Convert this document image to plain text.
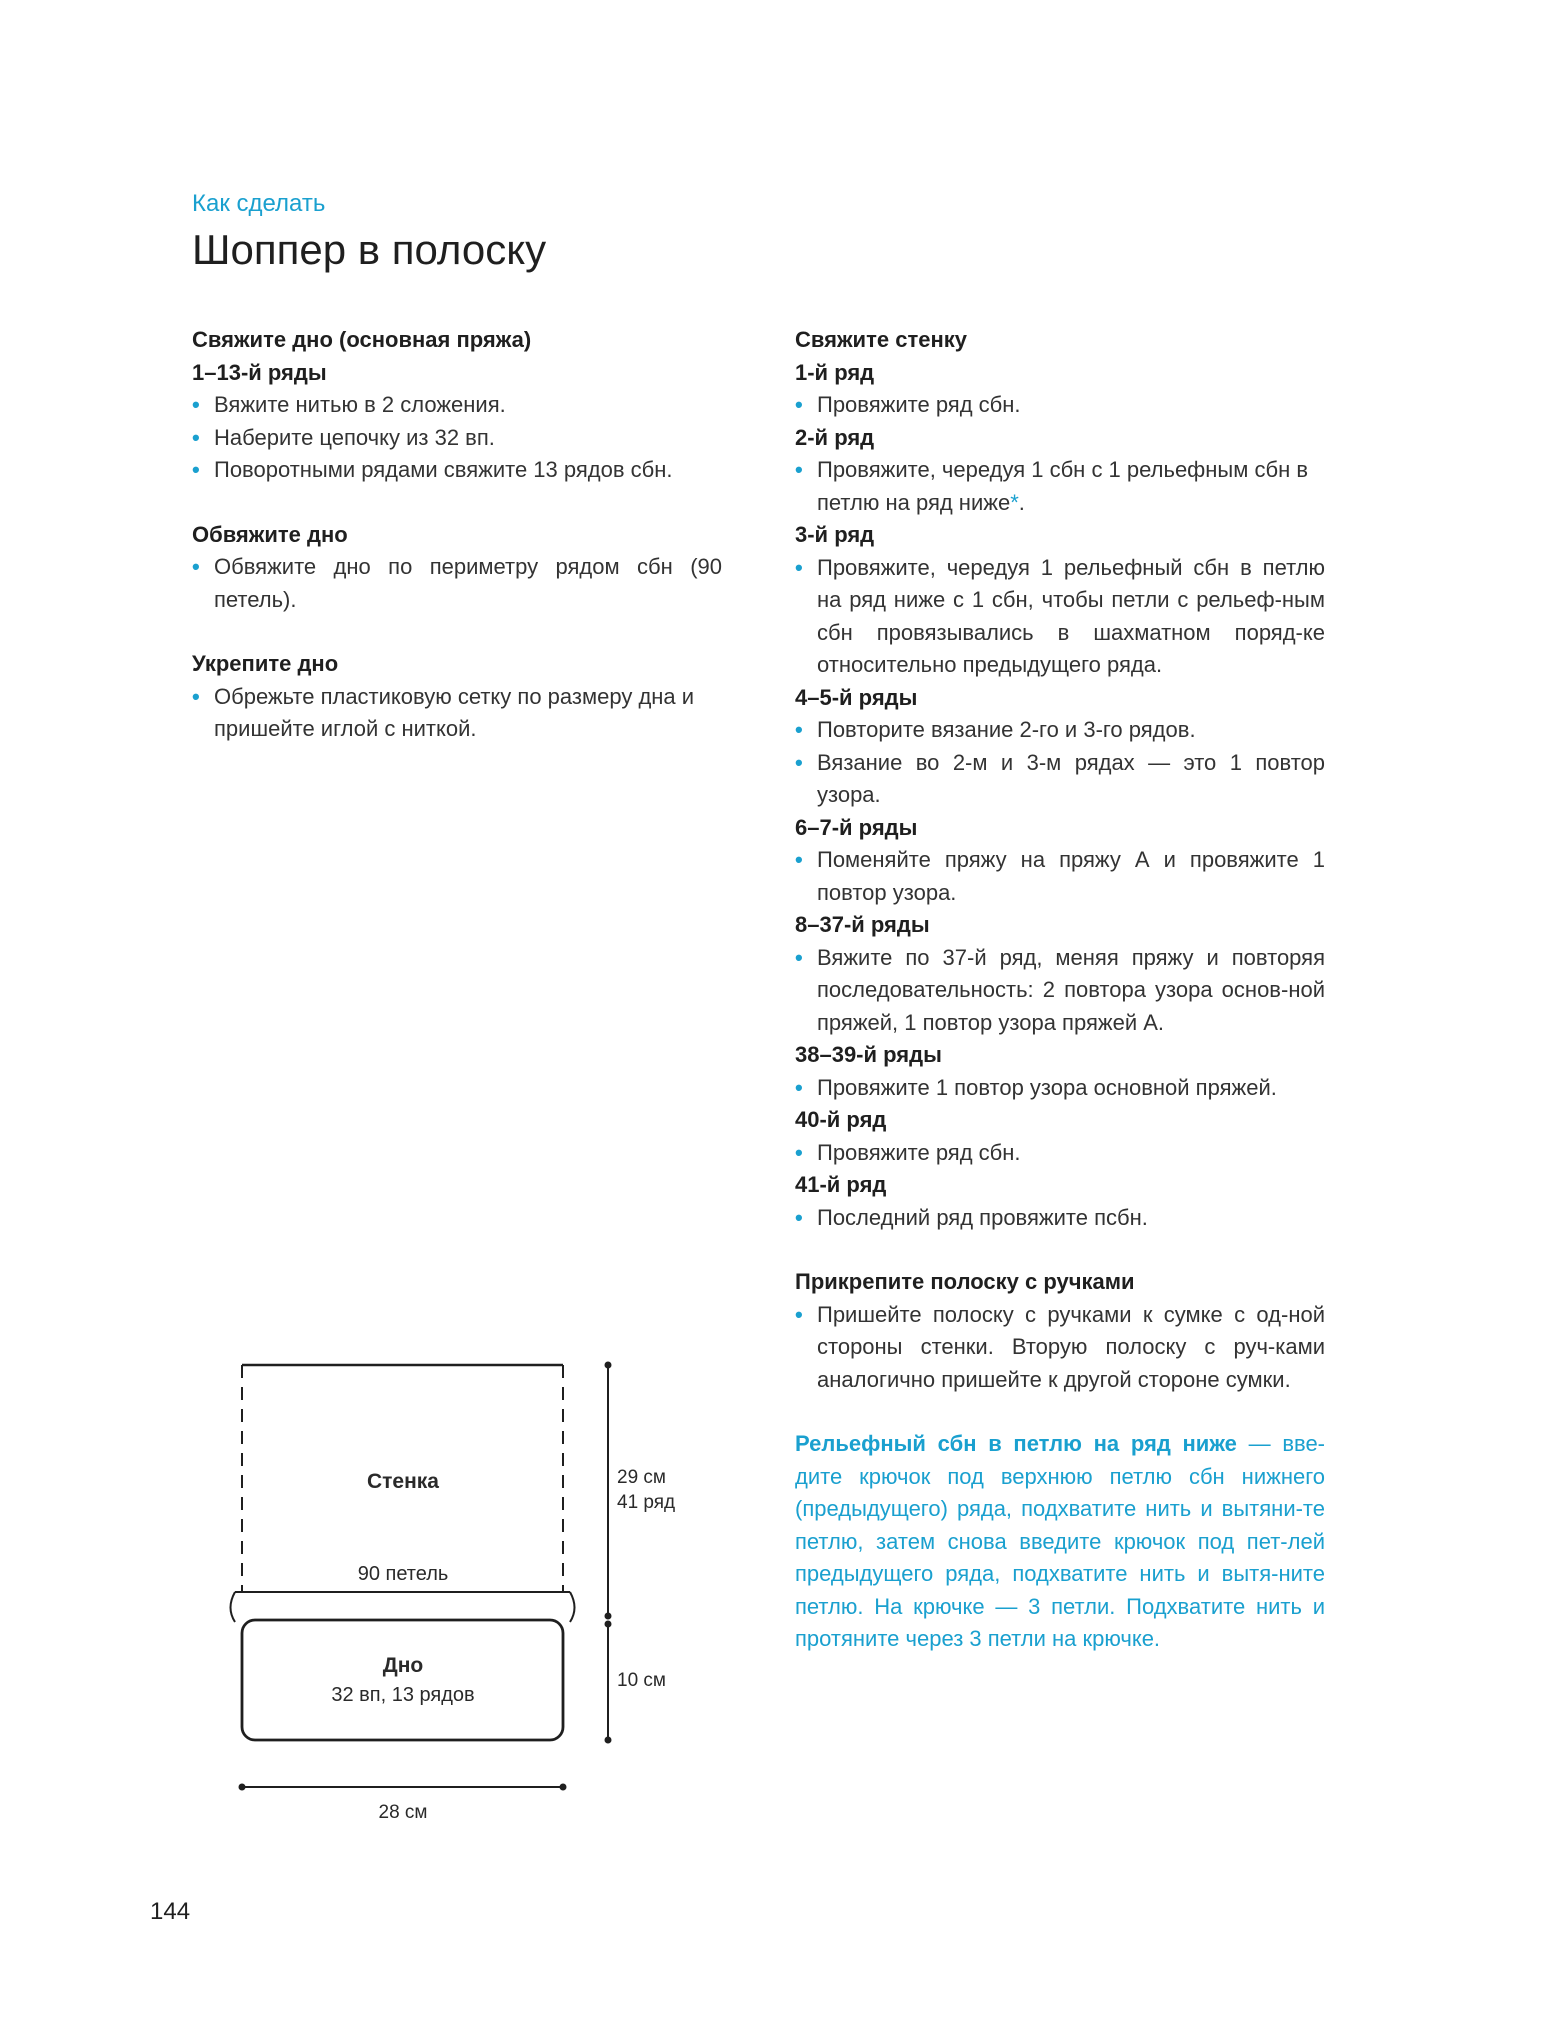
Как сделать
Шоппер в полоску

Свяжите дно (основная пряжа)

1–13-й ряды

• Вяжите нитью в 2 сложения.

• Наберите цепочку из 32 вп.

• Поворотными рядами свяжите 13 рядов сбн.

Обвяжите дно

• Обвяжите дно по периметру рядом сбн (90 петель).

Укрепите дно

• Обрежьте пластиковую сетку по размеру дна и пришейте иглой с ниткой.

Свяжите стенку

1-й ряд

• Провяжите ряд сбн.

2-й ряд

• Провяжите, чередуя 1 сбн с 1 рельефным сбн в петлю на ряд ниже*.

3-й ряд

• Провяжите, чередуя 1 рельефный сбн в петлю на ряд ниже с 1 сбн, чтобы петли с рельеф-ным сбн провязывались в шахматном поряд-ке относительно предыдущего ряда.

4–5-й ряды

• Повторите вязание 2-го и 3-го рядов.

• Вязание во 2-м и 3-м рядах — это 1 повтор узора.

6–7-й ряды

• Поменяйте пряжу на пряжу А и провяжите 1 повтор узора.

8–37-й ряды

• Вяжите по 37-й ряд, меняя пряжу и повторяя последовательность: 2 повтора узора основ-ной пряжей, 1 повтор узора пряжей А.

38–39-й ряды

• Провяжите 1 повтор узора основной пряжей.

40-й ряд

• Провяжите ряд сбн.

41-й ряд

• Последний ряд провяжите псбн.

Прикрепите полоску с ручками

• Пришейте полоску с ручками к сумке с од-ной стороны стенки. Вторую полоску с руч-ками аналогично пришейте к другой стороне сумки.

Рельефный сбн в петлю на ряд ниже — вве-дите крючок под верхнюю петлю сбн нижнего (предыдущего) ряда, подхватите нить и вытяни-те петлю, затем снова введите крючок под пет-лей предыдущего ряда, подхватите нить и вытя-ните петлю. На крючке — 3 петли. Подхватите нить и протяните через 3 петли на крючке.

Стенка
90 петель
Дно
32 вп, 13 рядов
29 см
41 ряд
10 см
28 см
144
